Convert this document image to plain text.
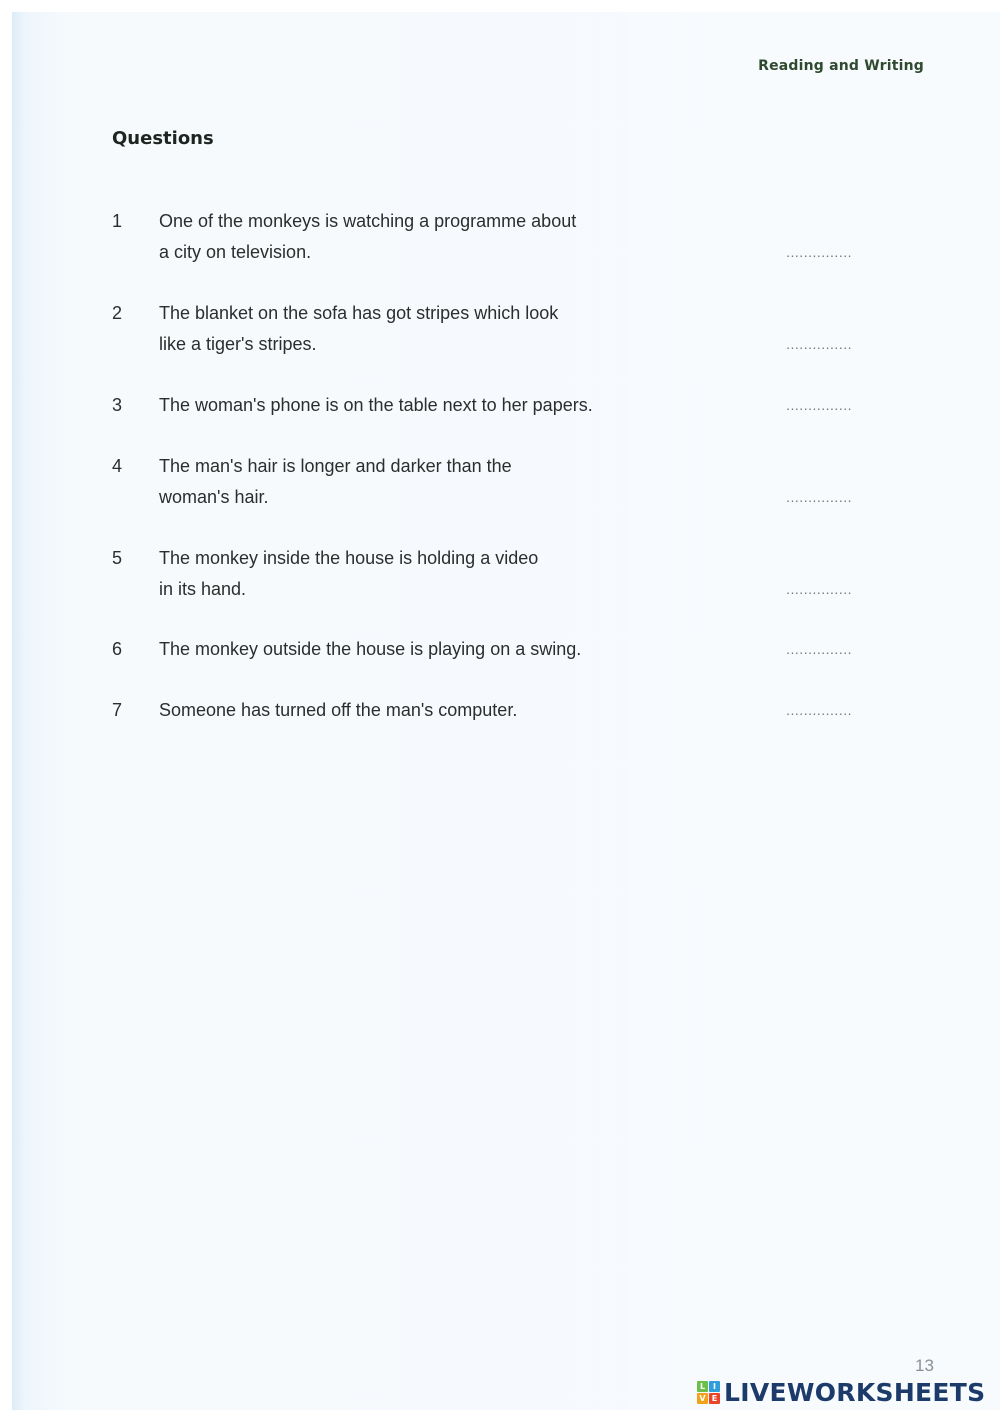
Reading and Writing
Questions
1	One of the monkeys is watching a programme about
a city on television.
...............
2	The blanket on the sofa has got stripes which look
like a tiger's stripes.
...............
3	The woman's phone is on the table next to her papers.
...............
4	The man's hair is longer and darker than the
woman's hair.
...............
5	The monkey inside the house is holding a video
in its hand.
...............
6	The monkey outside the house is playing on a swing.
...............
7	Someone has turned off the man's computer.
...............
13
L I
V E LIVEWORKSHEETS
